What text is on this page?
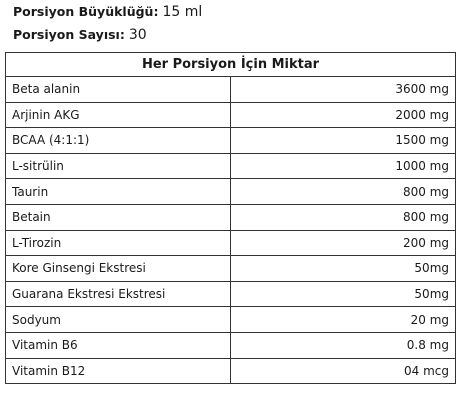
Porsiyon Büyüklüğü: 15 ml
Porsiyon Sayısı: 30
Her Porsiyon İçin Miktar	
Beta alanin	3600 mg
Arjinin AKG	2000 mg
BCAA (4:1:1)	1500 mg
L-sitrülin	1000 mg
Taurin	800 mg
Betain	800 mg
L-Tirozin	200 mg
Kore Ginsengi Ekstresi	50mg
Guarana Ekstresi Ekstresi	50mg
Sodyum	20 mg
Vitamin B6	0.8 mg
Vitamin B12	04 mcg
